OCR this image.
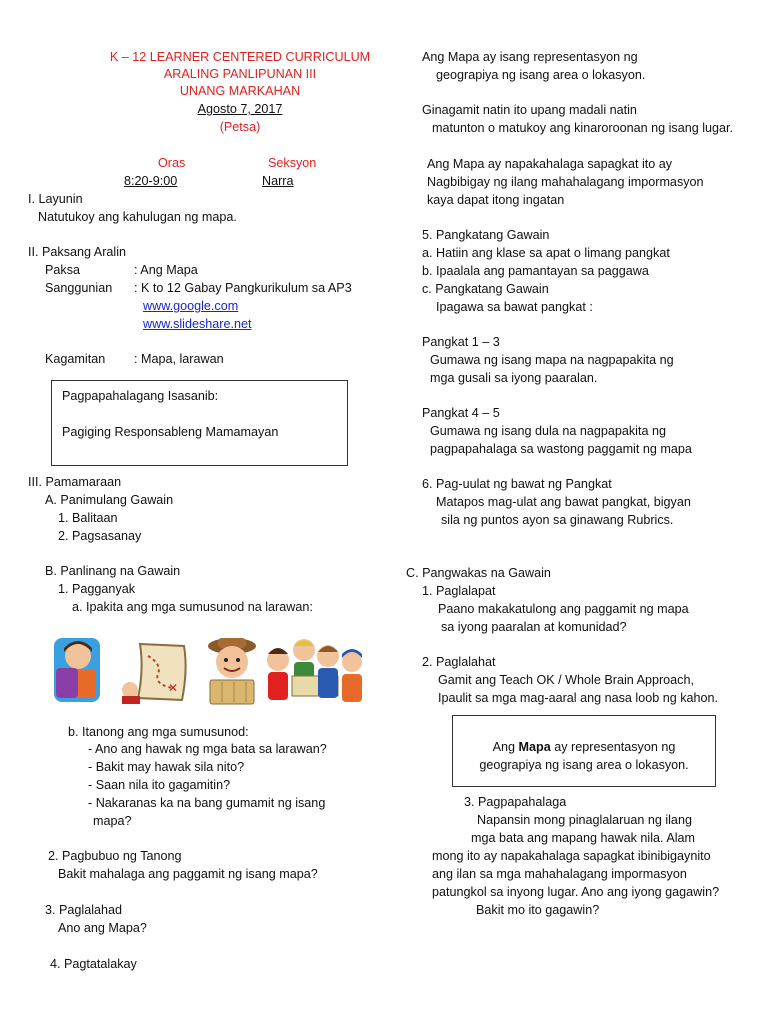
K – 12 LEARNER CENTERED CURRICULUM
ARALING PANLIPUNAN III
UNANG MARKAHAN
Agosto 7, 2017
(Petsa)
Oras	Seksyon
8:20-9:00	Narra
I. Layunin
Natutukoy ang kahulugan ng mapa.
II. Paksang Aralin
Paksa	: Ang Mapa
Sanggunian : K to 12 Gabay Pangkurikulum sa AP3
www.google.com
www.slideshare.net
Kagamitan : Mapa, larawan
Pagpapahalagang Isasanib:
Pagiging Responsableng Mamamayan
III. Pamamaraan
A. Panimulang Gawain
1. Balitaan
2. Pagsasanay
B. Panlinang na Gawain
1. Pagganyak
a. Ipakita ang mga sumusunod na larawan:
✕
b. Itanong ang mga sumusunod:
- Ano ang hawak ng mga bata sa larawan?
- Bakit may hawak sila nito?
- Saan nila ito gagamitin?
- Nakaranas ka na bang gumamit ng isang
mapa?
2. Pagbubuo ng Tanong
Bakit mahalaga ang paggamit ng isang mapa?
3. Paglalahad
Ano ang Mapa?
4. Pagtatalakay
Ang Mapa ay isang representasyon ng
geograpiya ng isang area o lokasyon.
Ginagamit natin ito upang madali natin
matunton o matukoy ang kinaroroonan ng isang lugar.
Ang Mapa ay napakahalaga sapagkat ito ay
Nagbibigay ng ilang mahahalagang impormasyon
kaya dapat itong ingatan
5. Pangkatang Gawain
a. Hatiin ang klase sa apat o limang pangkat
b. Ipaalala ang pamantayan sa paggawa
c. Pangkatang Gawain
Ipagawa sa bawat pangkat :
Pangkat 1 – 3
Gumawa ng isang mapa na nagpapakita ng
mga gusali sa iyong paaralan.
Pangkat 4 – 5
Gumawa ng isang dula na nagpapakita ng
pagpapahalaga sa wastong paggamit ng mapa
6. Pag-uulat ng bawat ng Pangkat
Matapos mag-ulat ang bawat pangkat, bigyan
sila ng puntos ayon sa ginawang Rubrics.
C. Pangwakas na Gawain
1. Paglalapat
Paano makakatulong ang paggamit ng mapa
sa iyong paaralan at komunidad?
2. Paglalahat
Gamit ang Teach OK / Whole Brain Approach,
Ipaulit sa mga mag-aaral ang nasa loob ng kahon.
Ang Mapa ay representasyon ng
geograpiya ng isang area o lokasyon.
3. Pagpapahalaga
Napansin mong pinaglalaruan ng ilang
mga bata ang mapang hawak nila. Alam
mong ito ay napakahalaga sapagkat ibinibigaynito
ang ilan sa mga mahahalagang impormasyon
patungkol sa inyong lugar. Ano ang iyong gagawin?
Bakit mo ito gagawin?
